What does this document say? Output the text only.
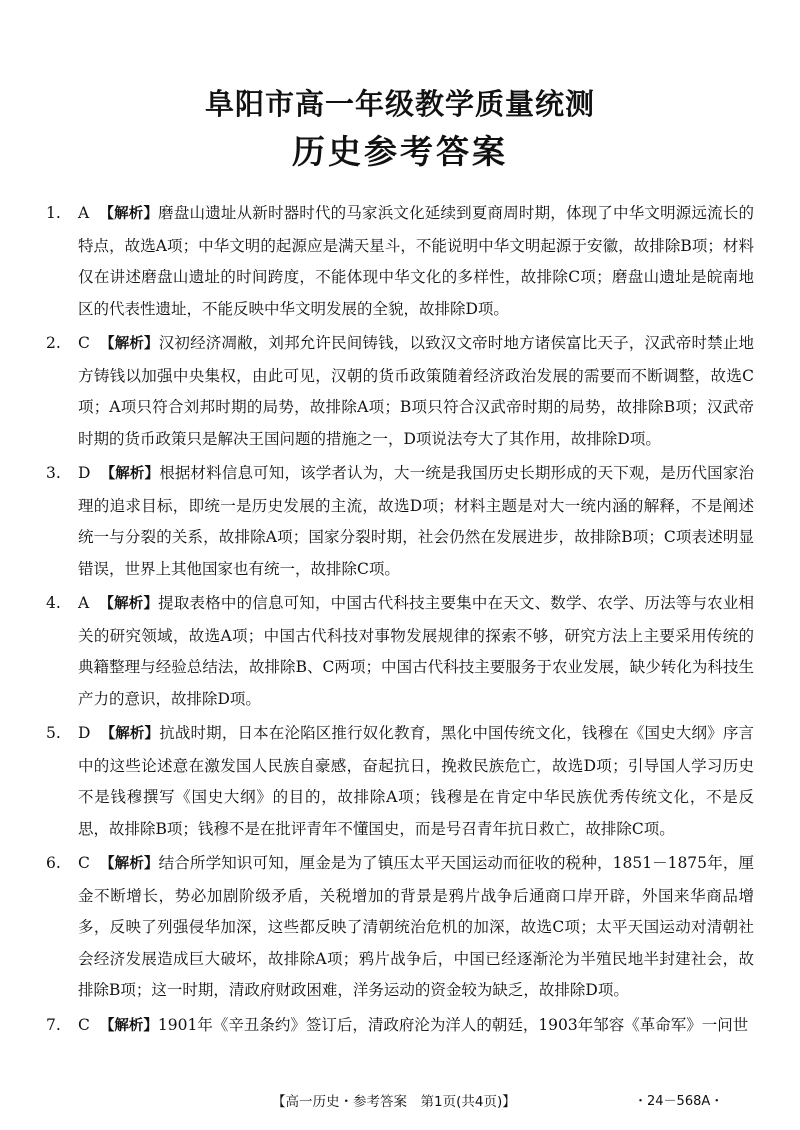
阜阳市高一年级教学质量统测
历史参考答案
1. A 【解析】磨盘山遗址从新时器时代的马家浜文化延续到夏商周时期，体现了中华文明源远流长的特点，故选A项；中华文明的起源应是满天星斗，不能说明中华文明起源于安徽，故排除B项；材料仅在讲述磨盘山遗址的时间跨度，不能体现中华文化的多样性，故排除C项；磨盘山遗址是皖南地区的代表性遗址，不能反映中华文明发展的全貌，故排除D项。
2. C 【解析】汉初经济凋敝，刘邦允许民间铸钱，以致汉文帝时地方诸侯富比天子，汉武帝时禁止地方铸钱以加强中央集权，由此可见，汉朝的货币政策随着经济政治发展的需要而不断调整，故选C项；A项只符合刘邦时期的局势，故排除A项；B项只符合汉武帝时期的局势，故排除B项；汉武帝时期的货币政策只是解决王国问题的措施之一，D项说法夸大了其作用，故排除D项。
3. D 【解析】根据材料信息可知，该学者认为，大一统是我国历史长期形成的天下观，是历代国家治理的追求目标，即统一是历史发展的主流，故选D项；材料主题是对大一统内涵的解释，不是阐述统一与分裂的关系，故排除A项；国家分裂时期，社会仍然在发展进步，故排除B项；C项表述明显错误，世界上其他国家也有统一，故排除C项。
4. A 【解析】提取表格中的信息可知，中国古代科技主要集中在天文、数学、农学、历法等与农业相关的研究领域，故选A项；中国古代科技对事物发展规律的探索不够，研究方法上主要采用传统的典籍整理与经验总结法，故排除B、C两项；中国古代科技主要服务于农业发展，缺少转化为科技生产力的意识，故排除D项。
5. D 【解析】抗战时期，日本在沦陷区推行奴化教育，黑化中国传统文化，钱穆在《国史大纲》序言中的这些论述意在激发国人民族自豪感，奋起抗日，挽救民族危亡，故选D项；引导国人学习历史不是钱穆撰写《国史大纲》的目的，故排除A项；钱穆是在肯定中华民族优秀传统文化，不是反思，故排除B项；钱穆不是在批评青年不懂国史，而是号召青年抗日救亡，故排除C项。
6. C 【解析】结合所学知识可知，厘金是为了镇压太平天国运动而征收的税种，1851－1875年，厘金不断增长，势必加剧阶级矛盾，关税增加的背景是鸦片战争后通商口岸开辟，外国来华商品增多，反映了列强侵华加深，这些都反映了清朝统治危机的加深，故选C项；太平天国运动对清朝社会经济发展造成巨大破坏，故排除A项；鸦片战争后，中国已经逐渐沦为半殖民地半封建社会，故排除B项；这一时期，清政府财政困难，洋务运动的资金较为缺乏，故排除D项。
7. C 【解析】1901年《辛丑条约》签订后，清政府沦为洋人的朝廷，1903年邹容《革命军》一问世
【高一历史・参考答案　第1页(共4页)】	・24－568A・
